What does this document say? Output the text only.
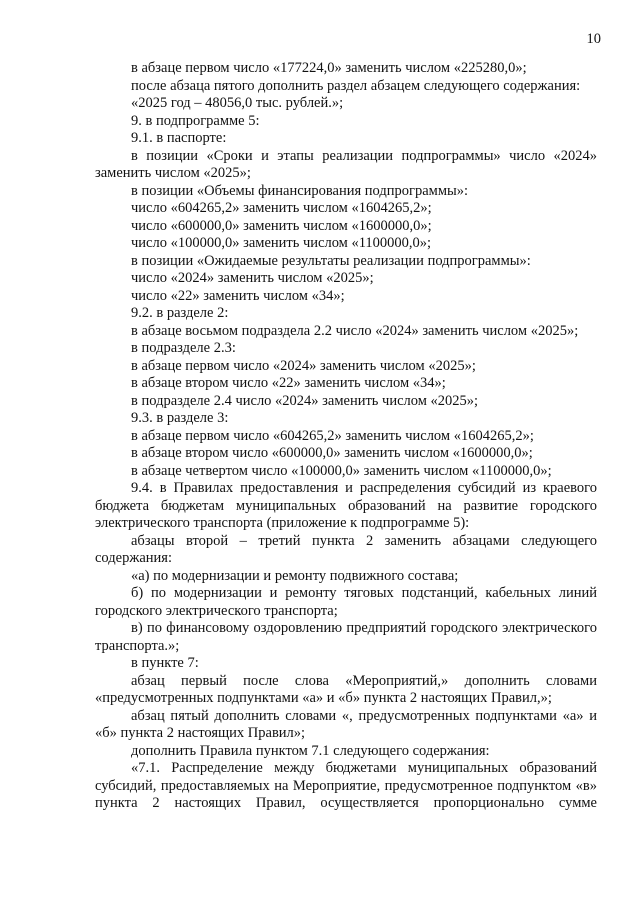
10

в абзаце первом число «177224,0» заменить числом «225280,0»;

после абзаца пятого дополнить раздел абзацем следующего содержания:

«2025 год – 48056,0 тыс. рублей.»;

9. в подпрограмме 5:

9.1. в паспорте:

в позиции «Сроки и этапы реализации подпрограммы» число «2024» заменить числом «2025»;

в позиции «Объемы финансирования подпрограммы»:

число «604265,2» заменить числом «1604265,2»;

число «600000,0» заменить числом «1600000,0»;

число «100000,0» заменить числом «1100000,0»;

в позиции «Ожидаемые результаты реализации подпрограммы»:

число «2024» заменить числом «2025»;

число «22» заменить числом «34»;

9.2. в разделе 2:

в абзаце восьмом подраздела 2.2 число «2024» заменить числом «2025»;

в подразделе 2.3:

в абзаце первом число «2024» заменить числом «2025»;

в абзаце втором число «22» заменить числом «34»;

в подразделе 2.4 число «2024» заменить числом «2025»;

9.3. в разделе 3:

в абзаце первом число «604265,2» заменить числом «1604265,2»;

в абзаце втором число «600000,0» заменить числом «1600000,0»;

в абзаце четвертом число «100000,0» заменить числом «1100000,0»;

9.4. в Правилах предоставления и распределения субсидий из краевого бюджета бюджетам муниципальных образований на развитие городского электрического транспорта (приложение к подпрограмме 5):

абзацы второй – третий пункта 2 заменить абзацами следующего содержания:

«а) по модернизации и ремонту подвижного состава;

б) по модернизации и ремонту тяговых подстанций, кабельных линий городского электрического транспорта;

в) по финансовому оздоровлению предприятий городского электрического транспорта.»;

в пункте 7:

абзац первый после слова «Мероприятий,» дополнить словами «предусмотренных подпунктами «а» и «б» пункта 2 настоящих Правил,»;

абзац пятый дополнить словами «, предусмотренных подпунктами «а» и «б» пункта 2 настоящих Правил»;

дополнить Правила пунктом 7.1 следующего содержания:

«7.1. Распределение между бюджетами муниципальных образований субсидий, предоставляемых на Мероприятие, предусмотренное подпунктом «в» пункта 2 настоящих Правил, осуществляется пропорционально сумме
